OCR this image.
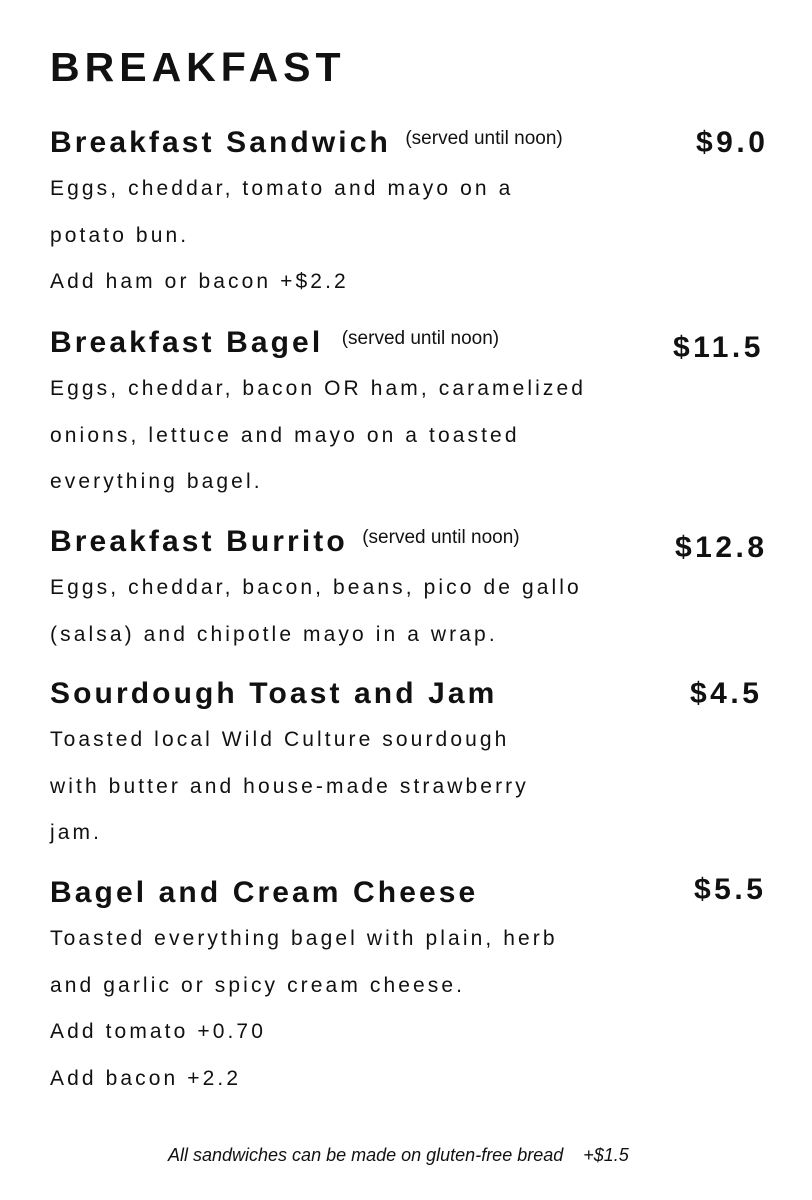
BREAKFAST
Breakfast Sandwich (served until noon)	$9.0
Eggs, cheddar, tomato and mayo on a
potato bun.
Add ham or bacon +$2.2
Breakfast Bagel (served until noon)	$11.5
Eggs, cheddar, bacon OR ham, caramelized
onions, lettuce and mayo on a toasted
everything bagel.
Breakfast Burrito (served until noon)	$12.8
Eggs, cheddar, bacon, beans, pico de gallo
(salsa) and chipotle mayo in a wrap.
Sourdough Toast and Jam	$4.5
Toasted local Wild Culture sourdough
with butter and house-made strawberry
jam.
Bagel and Cream Cheese	$5.5
Toasted everything bagel with plain, herb
and garlic or spicy cream cheese.
Add tomato +0.70
Add bacon +2.2
All sandwiches can be made on gluten-free bread    +$1.5
